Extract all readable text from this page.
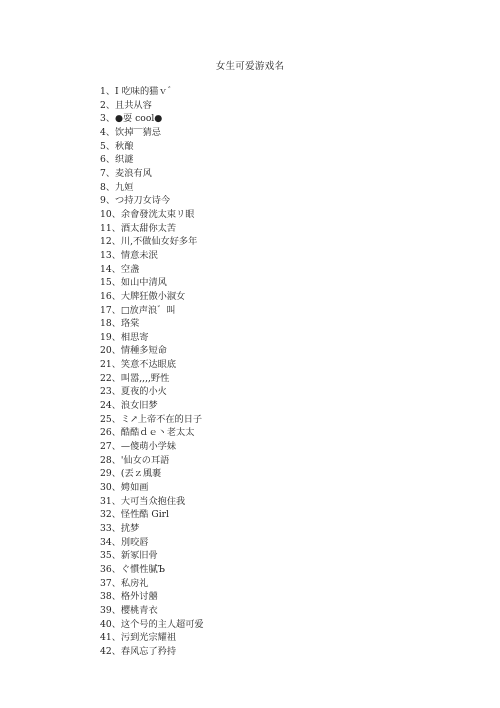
女生可爱游戏名
1、I 吃味的猫ｖ゛
2、且共从容
3、●耍 cool●
4、饮掉‾‾猜忌
5、秋酿
6、织謎
7、麦浪有风
8、九姮
9、つ持刀女诗今
10、余會發洸太束リ眼
11、酒太甜你太苦
12、川,不做仙女好多年
13、情意未泯
14、空盏
15、如山中清风
16、大牌狂傲小淑女
17、□放声浪゛叫
18、珞棠
19、相思寄
20、情種多短命
21、笑意不达眼底
22、叫嚣,,,,野性
23、夏夜的小火
24、浪女旧梦
25、ミ↗上帝不在的日子
26、酷酷ｄｅ丶老太太
27、—傻萌小学妹
28、'仙女の耳語
29、(丟ｚ風裹
30、娉如画
31、大可当众抱住我
32、怪性酷 Girl
33、扰梦
34、別咬唇
35、新冢旧骨
36、ぐ慣性膩Ъ
37、私房礼
38、格外讨囍
39、樱桃青衣
40、这个号的主人超可爱
41、污到光宗耀祖
42、春风忘了矜持
